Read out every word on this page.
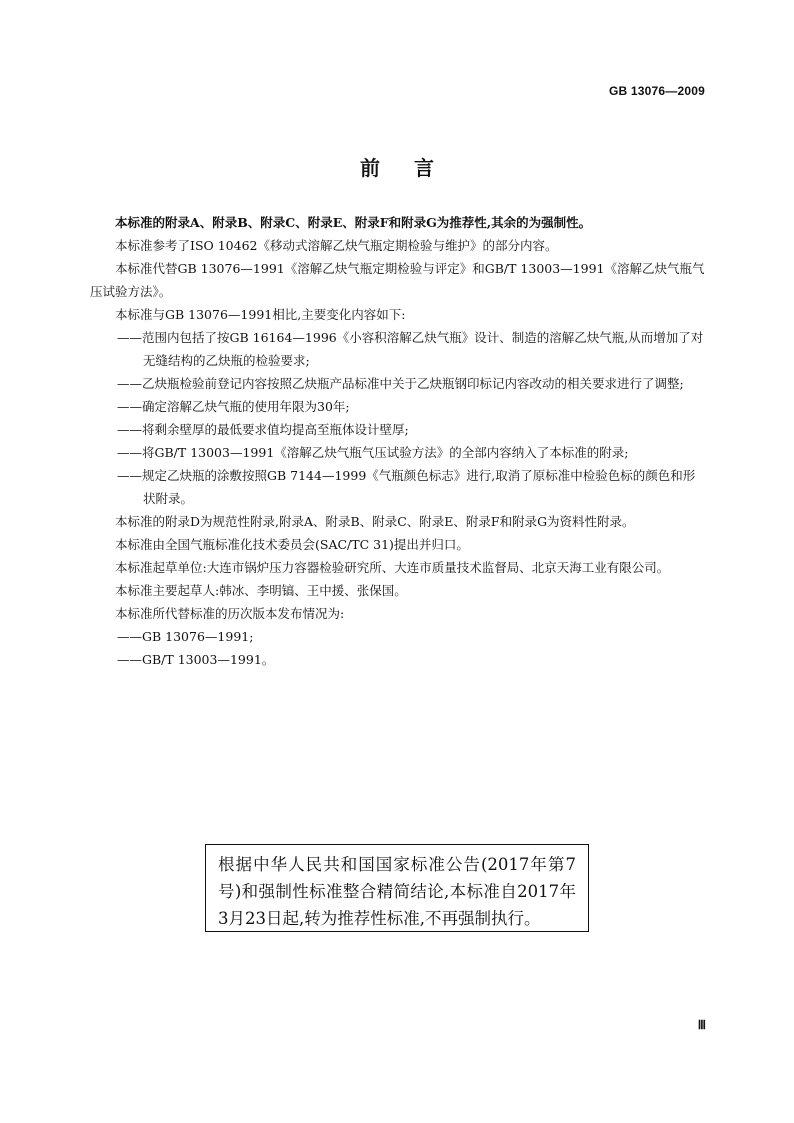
GB 13076—2009
前言

本标准的附录A、附录B、附录C、附录E、附录F和附录G为推荐性,其余的为强制性。

本标准参考了ISO 10462《移动式溶解乙炔气瓶定期检验与维护》的部分内容。

本标准代替GB 13076—1991《溶解乙炔气瓶定期检验与评定》和GB/T 13003—1991《溶解乙炔气瓶气压试验方法》。

本标准与GB 13076—1991相比,主要变化内容如下:

——范围内包括了按GB 16164—1996《小容积溶解乙炔气瓶》设计、制造的溶解乙炔气瓶,从而增加了对无缝结构的乙炔瓶的检验要求;

——乙炔瓶检验前登记内容按照乙炔瓶产品标准中关于乙炔瓶钢印标记内容改动的相关要求进行了调整;

——确定溶解乙炔气瓶的使用年限为30年;

——将剩余壁厚的最低要求值均提高至瓶体设计壁厚;

——将GB/T 13003—1991《溶解乙炔气瓶气压试验方法》的全部内容纳入了本标准的附录;

——规定乙炔瓶的涂敷按照GB 7144—1999《气瓶颜色标志》进行,取消了原标准中检验色标的颜色和形状附录。

本标准的附录D为规范性附录,附录A、附录B、附录C、附录E、附录F和附录G为资料性附录。

本标准由全国气瓶标准化技术委员会(SAC/TC 31)提出并归口。

本标准起草单位:大连市锅炉压力容器检验研究所、大连市质量技术监督局、北京天海工业有限公司。

本标准主要起草人:韩冰、李明镐、王中援、张保国。

本标准所代替标准的历次版本发布情况为:

——GB 13076—1991;

——GB/T 13003—1991。

根据中华人民共和国国家标准公告(2017年第7号)和强制性标准整合精简结论,本标准自2017年3月23日起,转为推荐性标准,不再强制执行。
Ⅲ
